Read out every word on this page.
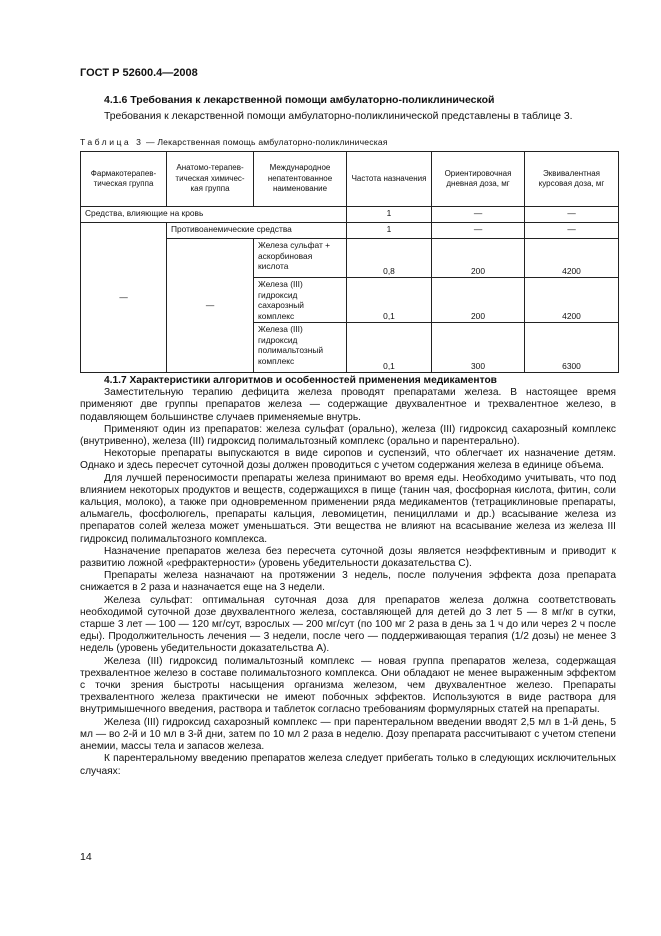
ГОСТ Р 52600.4—2008
4.1.6 Требования к лекарственной помощи амбулаторно-поликлинической
Требования к лекарственной помощи амбулаторно-поликлинической представлены в таблице 3.
Таблица 3 — Лекарственная помощь амбулаторно-поликлиническая
Фармакотерапев-тическая группа	Анатомо-терапев-тическая химичес-кая группа	Международное непатентованное наименование	Частота назначения	Ориентировочная дневная доза, мг	Эквивалентная курсовая доза, мг
Средства, влияющие на кровь			1	—	—
—	Противоанемические средства		1	—	—
	—	Железа сульфат + аскорбиновая кислота	0,8	200	4200
		Железа (III) гидроксид сахарозный комплекс	0,1	200	4200
		Железа (III) гидроксид полимальтозный комплекс	0,1	300	6300

4.1.7 Характеристики алгоритмов и особенностей применения медикаментов

Заместительную терапию дефицита железа проводят препаратами железа. В настоящее время применяют две группы препаратов железа — содержащие двухвалентное и трехвалентное железо, в подавляющем большинстве случаев применяемые внутрь.

Применяют один из препаратов: железа сульфат (орально), железа (III) гидроксид сахарозный комплекс (внутривенно), железа (III) гидроксид полимальтозный комплекс (орально и парентерально).

Некоторые препараты выпускаются в виде сиропов и суспензий, что облегчает их назначение детям. Однако и здесь пересчет суточной дозы должен проводиться с учетом содержания железа в единице объема.

Для лучшей переносимости препараты железа принимают во время еды. Необходимо учитывать, что под влиянием некоторых продуктов и веществ, содержащихся в пище (танин чая, фосфорная кислота, фитин, соли кальция, молоко), а также при одновременном применении ряда медикаментов (тетрациклиновые препараты, альмагель, фосфолюгель, препараты кальция, левомицетин, пенициллами и др.) всасывание железа из препаратов солей железа может уменьшаться. Эти вещества не влияют на всасывание железа из железа III гидроксид полимальтозного комплекса.

Назначение препаратов железа без пересчета суточной дозы является неэффективным и приводит к развитию ложной «рефрактерности» (уровень убедительности доказательства С).

Препараты железа назначают на протяжении 3 недель, после получения эффекта доза препарата снижается в 2 раза и назначается еще на 3 недели.

Железа сульфат: оптимальная суточная доза для препаратов железа должна соответствовать необходимой суточной дозе двухвалентного железа, составляющей для детей до 3 лет 5 — 8 мг/кг в сутки, старше 3 лет — 100 — 120 мг/сут, взрослых — 200 мг/сут (по 100 мг 2 раза в день за 1 ч до или через 2 ч после еды). Продолжительность лечения — 3 недели, после чего — поддерживающая терапия (1/2 дозы) не менее 3 недель (уровень убедительности доказательства А).

Железа (III) гидроксид полимальтозный комплекс — новая группа препаратов железа, содержащая трехвалентное железо в составе полимальтозного комплекса. Они обладают не менее выраженным эффектом с точки зрения быстроты насыщения организма железом, чем двухвалентное железо. Препараты трехвалентного железа практически не имеют побочных эффектов. Используются в виде раствора для внутримышечного введения, раствора и таблеток согласно требованиям формулярных статей на препараты.

Железа (III) гидроксид сахарозный комплекс — при парентеральном введении вводят 2,5 мл в 1-й день, 5 мл — во 2-й и 10 мл в 3-й дни, затем по 10 мл 2 раза в неделю. Дозу препарата рассчитывают с учетом степени анемии, массы тела и запасов железа.

К парентеральному введению препаратов железа следует прибегать только в следующих исключительных случаях:

14
